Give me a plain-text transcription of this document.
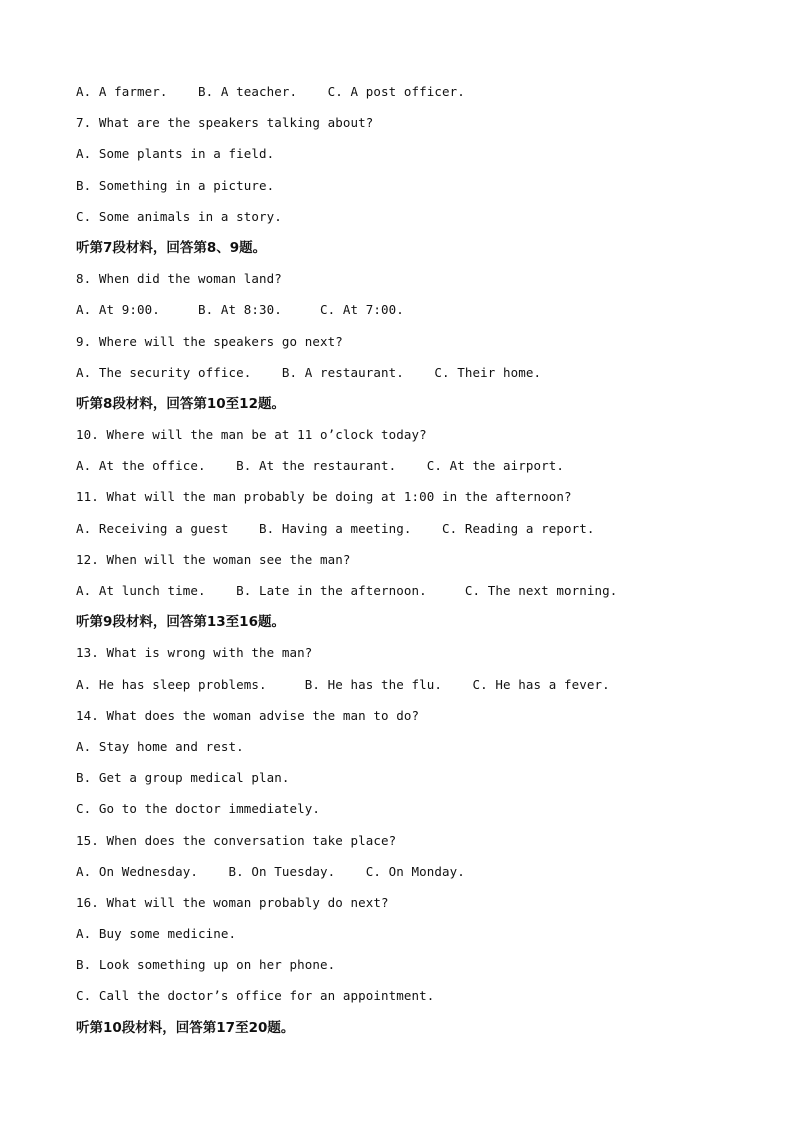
A. A farmer.    B. A teacher.    C. A post officer.
7. What are the speakers talking about?
A. Some plants in a field.
B. Something in a picture.
C. Some animals in a story.
听第7段材料，回答第8、9题。
8. When did the woman land?
A. At 9:00.     B. At 8:30.     C. At 7:00.
9. Where will the speakers go next?
A. The security office.    B. A restaurant.    C. Their home.
听第8段材料，回答第10至12题。
10. Where will the man be at 11 o’clock today?
A. At the office.    B. At the restaurant.    C. At the airport.
11. What will the man probably be doing at 1:00 in the afternoon?
A. Receiving a guest    B. Having a meeting.    C. Reading a report.
12. When will the woman see the man?
A. At lunch time.    B. Late in the afternoon.     C. The next morning.
听第9段材料，回答第13至16题。
13. What is wrong with the man?
A. He has sleep problems.     B. He has the flu.    C. He has a fever.
14. What does the woman advise the man to do?
A. Stay home and rest.
B. Get a group medical plan.
C. Go to the doctor immediately.
15. When does the conversation take place?
A. On Wednesday.    B. On Tuesday.    C. On Monday.
16. What will the woman probably do next?
A. Buy some medicine.
B. Look something up on her phone.
C. Call the doctor’s office for an appointment.
听第10段材料，回答第17至20题。
